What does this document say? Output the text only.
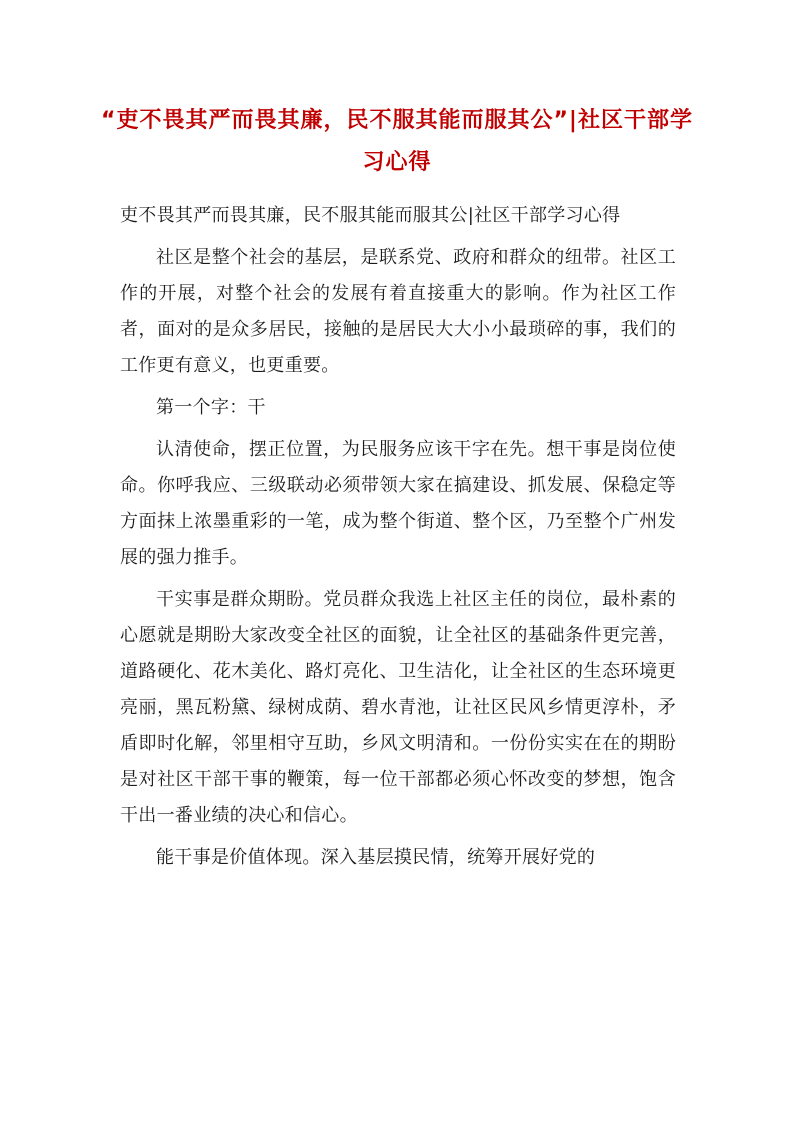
“吏不畏其严而畏其廉，民不服其能而服其公”|社区干部学习心得

吏不畏其严而畏其廉，民不服其能而服其公|社区干部学习心得

社区是整个社会的基层，是联系党、政府和群众的纽带。社区工作的开展，对整个社会的发展有着直接重大的影响。作为社区工作者，面对的是众多居民，接触的是居民大大小小最琐碎的事，我们的工作更有意义，也更重要。

第一个字：干

认清使命，摆正位置，为民服务应该干字在先。想干事是岗位使命。你呼我应、三级联动必须带领大家在搞建设、抓发展、保稳定等方面抹上浓墨重彩的一笔，成为整个街道、整个区，乃至整个广州发展的强力推手。

干实事是群众期盼。党员群众我选上社区主任的岗位，最朴素的心愿就是期盼大家改变全社区的面貌，让全社区的基础条件更完善，道路硬化、花木美化、路灯亮化、卫生洁化，让全社区的生态环境更亮丽，黑瓦粉黛、绿树成荫、碧水青池，让社区民风乡情更淳朴，矛盾即时化解，邻里相守互助，乡风文明清和。一份份实实在在的期盼是对社区干部干事的鞭策，每一位干部都必须心怀改变的梦想，饱含干出一番业绩的决心和信心。

能干事是价值体现。深入基层摸民情，统筹开展好党的
